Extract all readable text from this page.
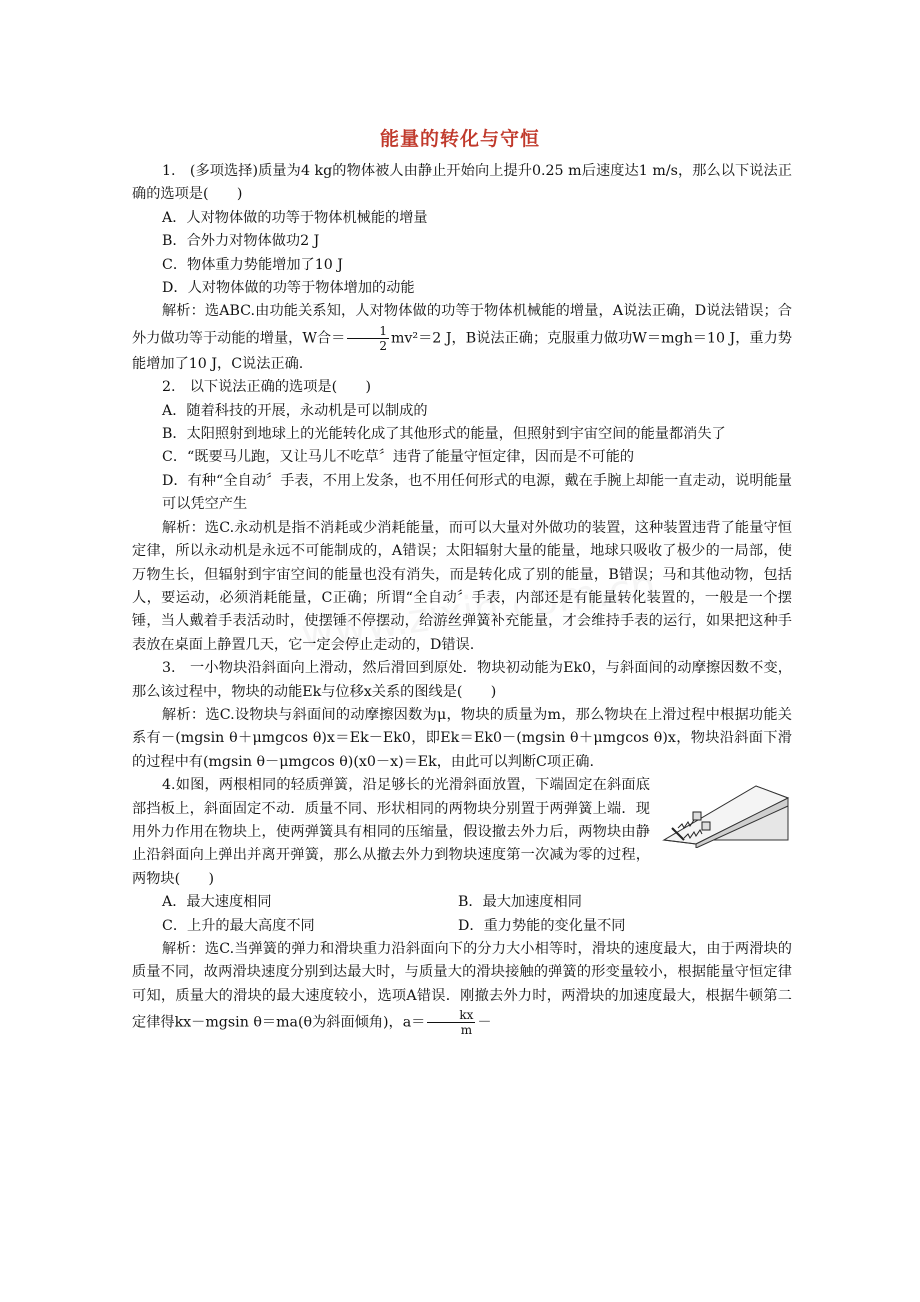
能量的转化与守恒

1.　(多项选择)质量为4 kg的物体被人由静止开始向上提升0.25 m后速度达1 m/s，那么以下说法正确的选项是(　　)

A．人对物体做的功等于物体机械能的增量

B．合外力对物体做功2 J

C．物体重力势能增加了10 J

D．人对物体做的功等于物体增加的动能

解析：选ABC.由功能关系知，人对物体做的功等于物体机械能的增量，A说法正确，D说法错误；合外力做功等于动能的增量，W合＝ $\frac{1}{2} mv^2=2$ J，B说法正确；克服重力做功W＝mgh＝10 J，重力势能增加了10 J，C说法正确.

2.　以下说法正确的选项是(　　)

A．随着科技的开展，永动机是可以制成的

B．太阳照射到地球上的光能转化成了其他形式的能量，但照射到宇宙空间的能量都消失了

C．“既要马儿跑，又让马儿不吃草〞违背了能量守恒定律，因而是不可能的

D．有种“全自动〞手表，不用上发条，也不用任何形式的电源，戴在手腕上却能一直走动，说明能量可以凭空产生

解析：选C.永动机是指不消耗或少消耗能量，而可以大量对外做功的装置，这种装置违背了能量守恒定律，所以永动机是永远不可能制成的，A错误；太阳辐射大量的能量，地球只吸收了极少的一局部，使万物生长，但辐射到宇宙空间的能量也没有消失，而是转化成了别的能量，B错误；马和其他动物，包括人，要运动，必须消耗能量，C正确；所谓“全自动〞手表，内部还是有能量转化装置的，一般是一个摆锤，当人戴着手表活动时，使摆锤不停摆动，给游丝弹簧补充能量，才会维持手表的运行，如果把这种手表放在桌面上静置几天，它一定会停止走动的，D错误.

3.　一小物块沿斜面向上滑动，然后滑回到原处．物块初动能为Ek0，与斜面间的动摩擦因数不变，那么该过程中，物块的动能Ek与位移x关系的图线是(　　)

解析：选C.设物块与斜面间的动摩擦因数为μ，物块的质量为m，那么物块在上滑过程中根据功能关系有－(mgsin θ＋μmgcos θ)x＝Ek－Ek0，即Ek＝Ek0－(mgsin θ＋μmgcos θ)x，物块沿斜面下滑的过程中有(mgsin θ－μmgcos θ)(x0－x)＝Ek，由此可以判断C项正确.

4.如图，两根相同的轻质弹簧，沿足够长的光滑斜面放置，下端固定在斜面底部挡板上，斜面固定不动．质量不同、形状相同的两物块分别置于两弹簧上端．现用外力作用在物块上，使两弹簧具有相同的压缩量，假设撤去外力后，两物块由静止沿斜面向上弹出并离开弹簧，那么从撤去外力到物块速度第一次减为零的过程，两物块(　　)

A．最大速度相同	B．最大加速度相同
C．上升的最大高度不同	D．重力势能的变化量不同

解析：选C.当弹簧的弹力和滑块重力沿斜面向下的分力大小相等时，滑块的速度最大，由于两滑块的质量不同，故两滑块速度分别到达最大时，与质量大的滑块接触的弹簧的形变量较小，根据能量守恒定律可知，质量大的滑块的最大速度较小，选项A错误．刚撤去外力时，两滑块的加速度最大，根据牛顿第二定律得kx－mgsin θ＝ma(θ为斜面倾角)，$a= \frac{kx}{m}$ －
